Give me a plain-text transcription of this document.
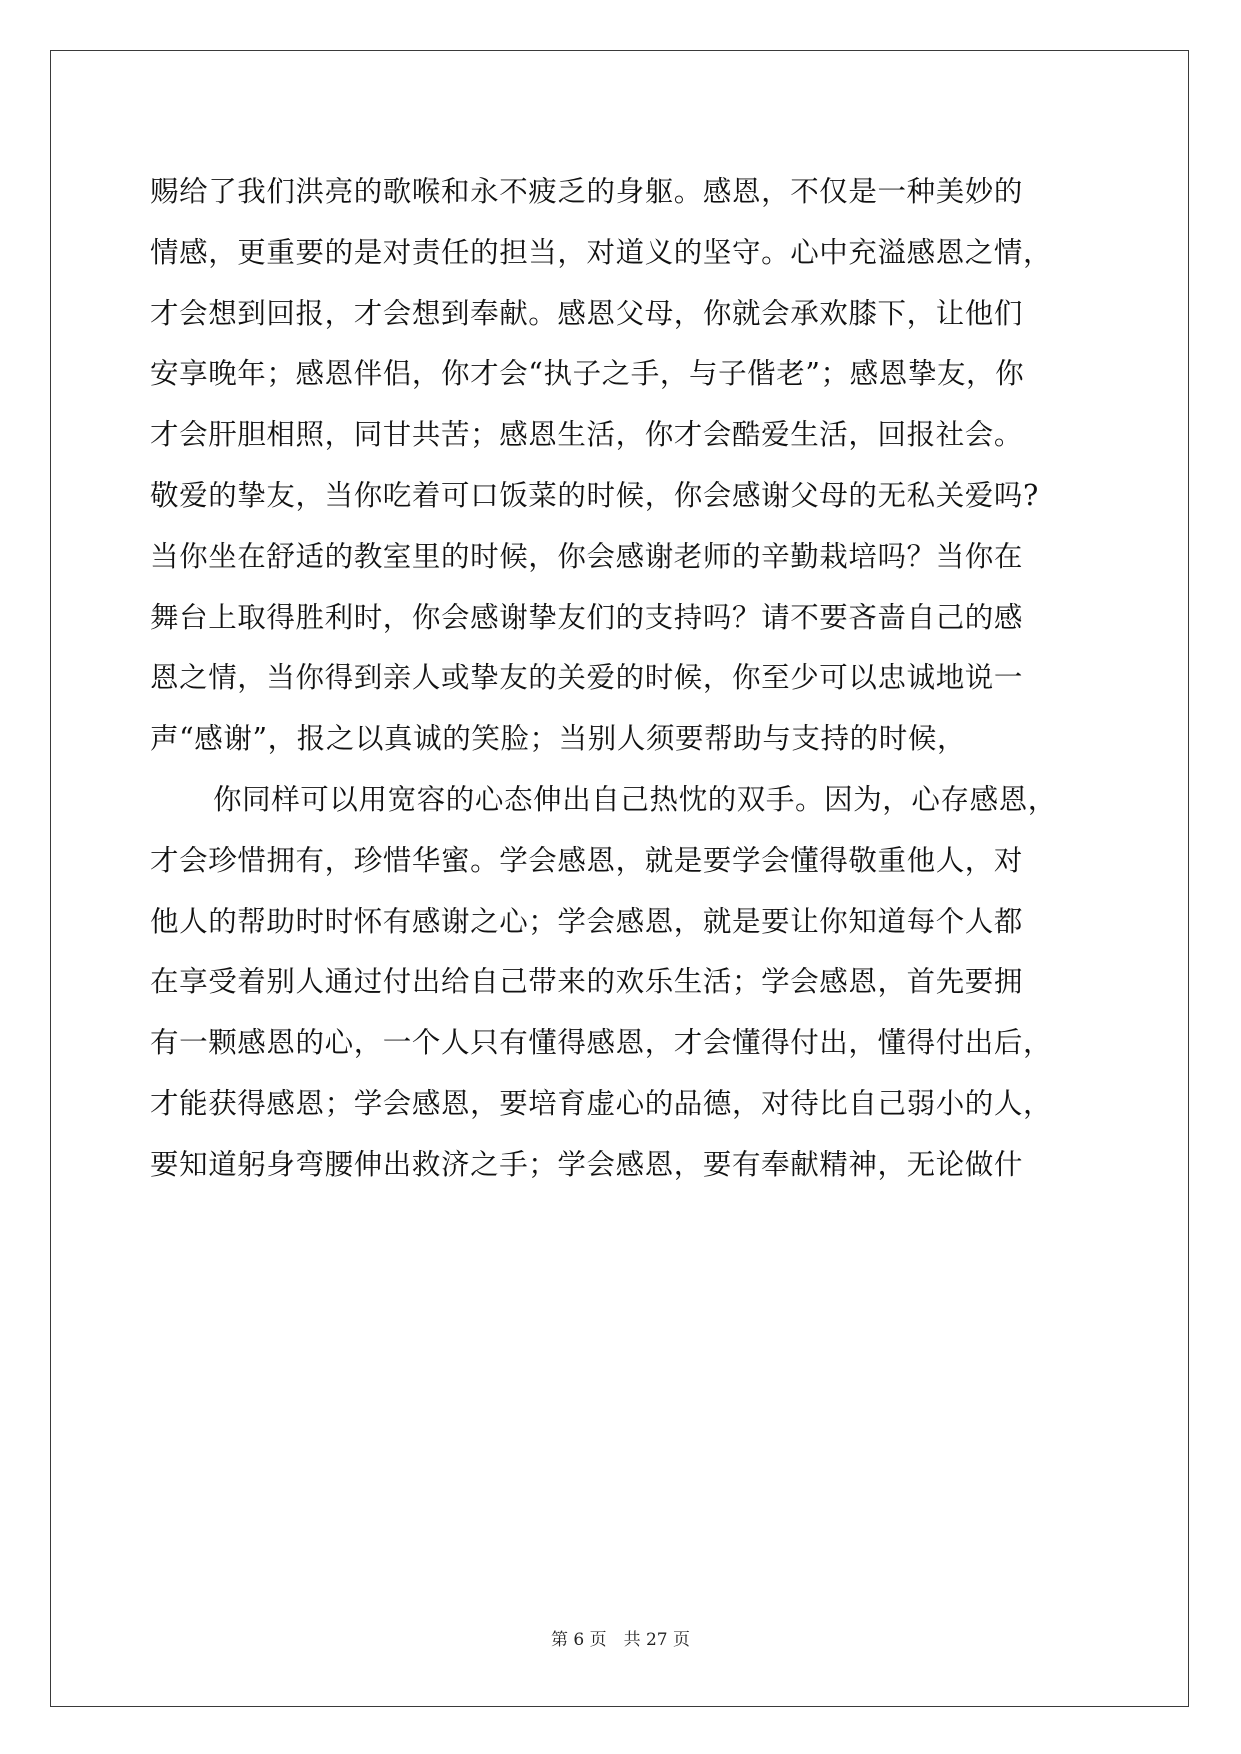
赐给了我们洪亮的歌喉和永不疲乏的身躯。感恩，不仅是一种美妙的

情感，更重要的是对责任的担当，对道义的坚守。心中充溢感恩之情，

才会想到回报，才会想到奉献。感恩父母，你就会承欢膝下，让他们

安享晚年；感恩伴侣，你才会“执子之手，与子偕老”；感恩挚友，你

才会肝胆相照，同甘共苦；感恩生活，你才会酷爱生活，回报社会。

敬爱的挚友，当你吃着可口饭菜的时候，你会感谢父母的无私关爱吗?

当你坐在舒适的教室里的时候，你会感谢老师的辛勤栽培吗？当你在

舞台上取得胜利时，你会感谢挚友们的支持吗？请不要吝啬自己的感

恩之情，当你得到亲人或挚友的关爱的时候，你至少可以忠诚地说一

声“感谢”，报之以真诚的笑脸；当别人须要帮助与支持的时候，

你同样可以用宽容的心态伸出自己热忱的双手。因为，心存感恩，

才会珍惜拥有，珍惜华蜜。学会感恩，就是要学会懂得敬重他人，对

他人的帮助时时怀有感谢之心；学会感恩，就是要让你知道每个人都

在享受着别人通过付出给自己带来的欢乐生活；学会感恩，首先要拥

有一颗感恩的心，一个人只有懂得感恩，才会懂得付出，懂得付出后，

才能获得感恩；学会感恩，要培育虚心的品德，对待比自己弱小的人，

要知道躬身弯腰伸出救济之手；学会感恩，要有奉献精神，无论做什

第 6 页　共 27 页
